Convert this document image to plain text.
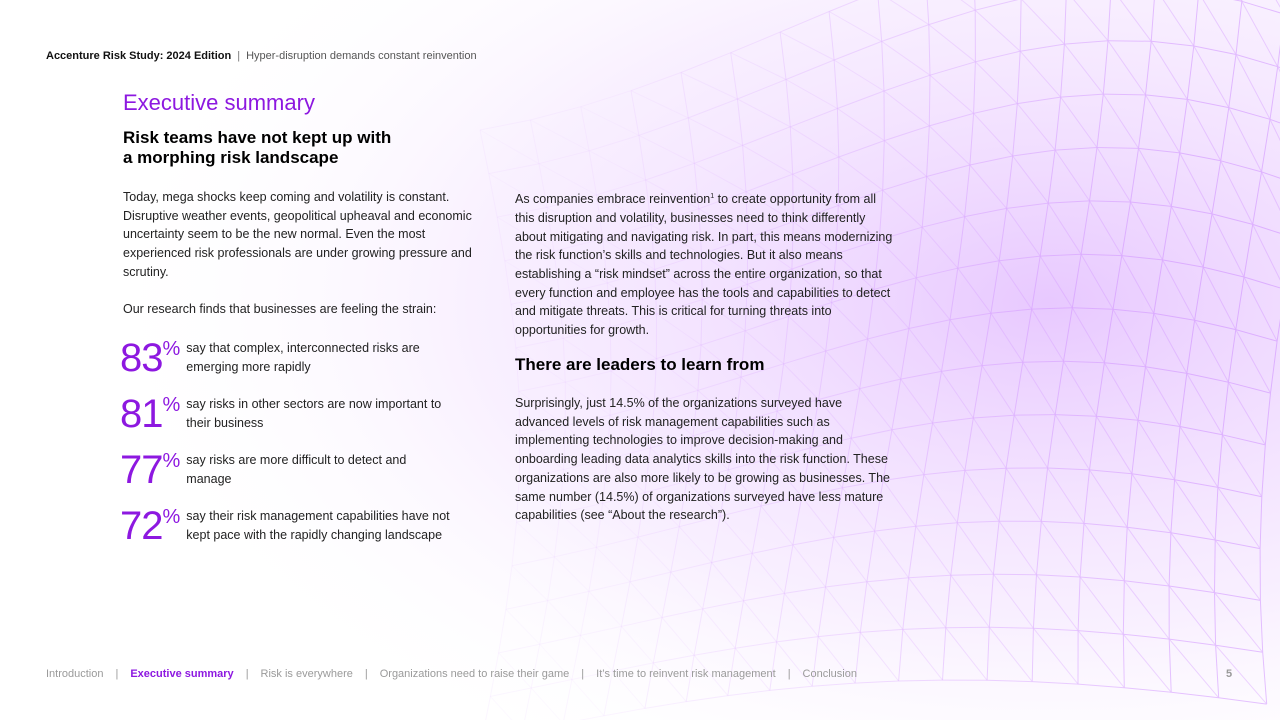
Accenture Risk Study: 2024 Edition | Hyper-disruption demands constant reinvention
Executive summary
Risk teams have not kept up with
a morphing risk landscape

Today, mega shocks keep coming and volatility is constant. Disruptive weather events, geopolitical upheaval and economic uncertainty seem to be the new normal. Even the most experienced risk professionals are under growing pressure and scrutiny.

Our research finds that businesses are feeling the strain:

83 % say that complex, interconnected risks are emerging more rapidly
81 % say risks in other sectors are now important to their business
77 % say risks are more difficult to detect and manage
72 % say their risk management capabilities have not kept pace with the rapidly changing landscape

As companies embrace reinvention$^1$ to create opportunity from all this disruption and volatility, businesses need to think differently about mitigating and navigating risk. In part, this means modernizing the risk function’s skills and technologies. But it also means establishing a “risk mindset” across the entire organization, so that every function and employee has the tools and capabilities to detect and mitigate threats. This is critical for turning threats into opportunities for growth.

There are leaders to learn from

Surprisingly, just 14.5% of the organizations surveyed have advanced levels of risk management capabilities such as implementing technologies to improve decision-making and onboarding leading data analytics skills into the risk function. These organizations are also more likely to be growing as businesses. The same number (14.5%) of organizations surveyed have less mature capabilities (see “About the research”).

Introduction | Executive summary | Risk is everywhere | Organizations need to raise their game | It’s time to reinvent risk management | Conclusion	5
